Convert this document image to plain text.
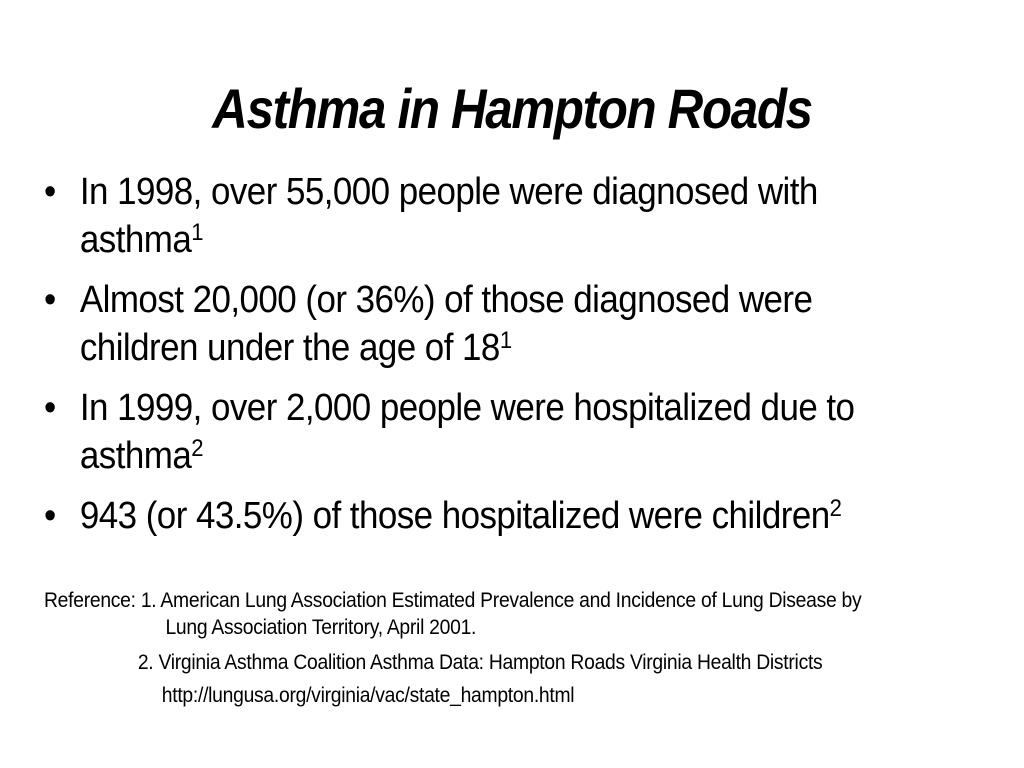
Asthma in Hampton Roads
• In 1998, over 55,000 people were diagnosed with
asthma$^1$
• Almost 20,000 (or 36%) of those diagnosed were
children under the age of $18^1$
• In 1999, over 2,000 people were hospitalized due to
asthma$^2$
• 943 (or 43.5%) of those hospitalized were children$^2$
Reference: 1. American Lung Association Estimated Prevalence and Incidence of Lung Disease by
Lung Association Territory, April 2001.
2. Virginia Asthma Coalition Asthma Data: Hampton Roads Virginia Health Districts
http://lungusa.org/virginia/vac/state_hampton.html
